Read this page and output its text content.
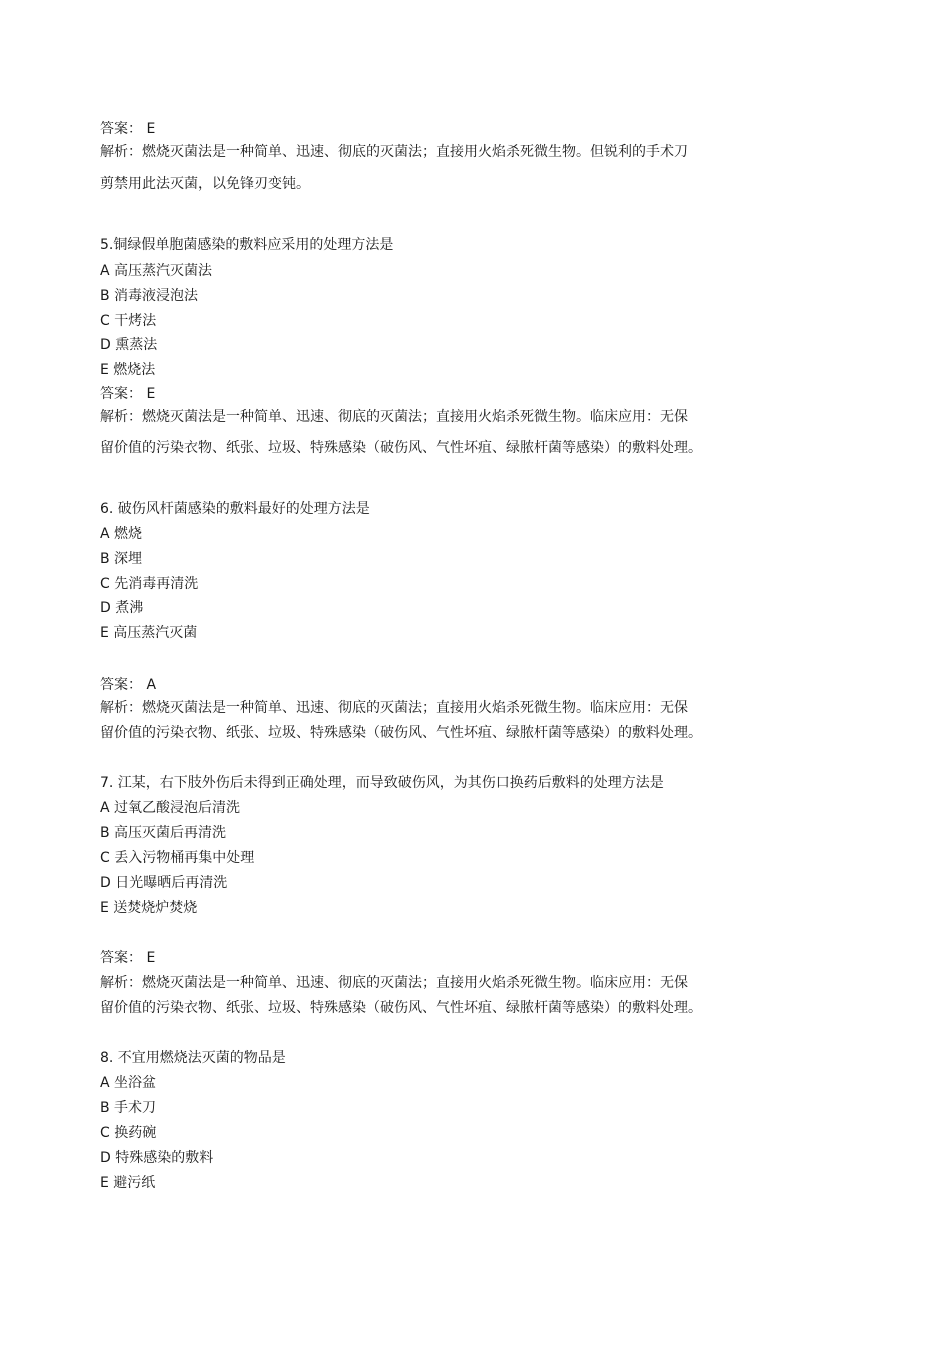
答案： E
解析：燃烧灭菌法是一种简单、迅速、彻底的灭菌法；直接用火焰杀死微生物。但锐利的手术刀
剪禁用此法灭菌，以免锋刃变钝。
5.铜绿假单胞菌感染的敷料应采用的处理方法是
A 高压蒸汽灭菌法
B 消毒液浸泡法
C 干烤法
D 熏蒸法
E 燃烧法
答案： E
解析：燃烧灭菌法是一种简单、迅速、彻底的灭菌法；直接用火焰杀死微生物。临床应用：无保
留价值的污染衣物、纸张、垃圾、特殊感染（破伤风、气性坏疽、绿脓杆菌等感染）的敷料处理。
6. 破伤风杆菌感染的敷料最好的处理方法是
A 燃烧
B 深埋
C 先消毒再清洗
D 煮沸
E 高压蒸汽灭菌
答案： A
解析：燃烧灭菌法是一种简单、迅速、彻底的灭菌法；直接用火焰杀死微生物。临床应用：无保
留价值的污染衣物、纸张、垃圾、特殊感染（破伤风、气性坏疽、绿脓杆菌等感染）的敷料处理。
7. 江某，右下肢外伤后未得到正确处理，而导致破伤风，为其伤口换药后敷料的处理方法是
A 过氧乙酸浸泡后清洗
B 高压灭菌后再清洗
C 丢入污物桶再集中处理
D 日光曝晒后再清洗
E 送焚烧炉焚烧
答案： E
解析：燃烧灭菌法是一种简单、迅速、彻底的灭菌法；直接用火焰杀死微生物。临床应用：无保
留价值的污染衣物、纸张、垃圾、特殊感染（破伤风、气性坏疽、绿脓杆菌等感染）的敷料处理。
8. 不宜用燃烧法灭菌的物品是
A 坐浴盆
B 手术刀
C 换药碗
D 特殊感染的敷料
E 避污纸
